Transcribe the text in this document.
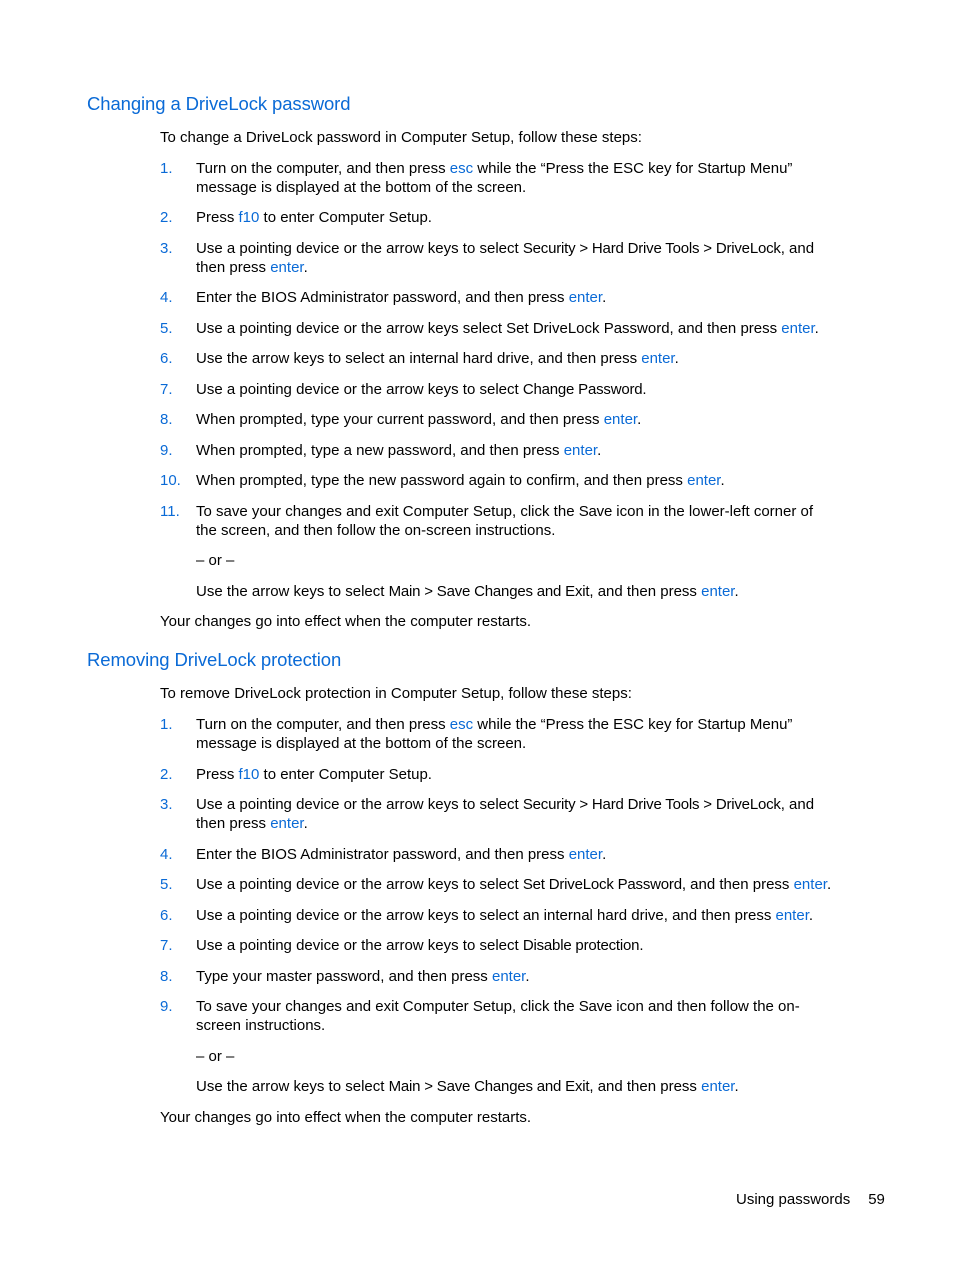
Changing a DriveLock password

To change a DriveLock password in Computer Setup, follow these steps:

1. Turn on the computer, and then press esc while the “Press the ESC key for Startup Menu”
message is displayed at the bottom of the screen.
2. Press f10 to enter Computer Setup.
3. Use a pointing device or the arrow keys to select Security > Hard Drive Tools > DriveLock, and
then press enter.
4. Enter the BIOS Administrator password, and then press enter.
5. Use a pointing device or the arrow keys select Set DriveLock Password, and then press enter.
6. Use the arrow keys to select an internal hard drive, and then press enter.
7. Use a pointing device or the arrow keys to select Change Password.
8. When prompted, type your current password, and then press enter.
9. When prompted, type a new password, and then press enter.
10. When prompted, type the new password again to confirm, and then press enter.
11. To save your changes and exit Computer Setup, click the Save icon in the lower-left corner of
the screen, and then follow the on-screen instructions.
– or –
Use the arrow keys to select Main > Save Changes and Exit, and then press enter.

Your changes go into effect when the computer restarts.

Removing DriveLock protection

To remove DriveLock protection in Computer Setup, follow these steps:

1. Turn on the computer, and then press esc while the “Press the ESC key for Startup Menu”
message is displayed at the bottom of the screen.
2. Press f10 to enter Computer Setup.
3. Use a pointing device or the arrow keys to select Security > Hard Drive Tools > DriveLock, and
then press enter.
4. Enter the BIOS Administrator password, and then press enter.
5. Use a pointing device or the arrow keys to select Set DriveLock Password, and then press enter.
6. Use a pointing device or the arrow keys to select an internal hard drive, and then press enter.
7. Use a pointing device or the arrow keys to select Disable protection.
8. Type your master password, and then press enter.
9. To save your changes and exit Computer Setup, click the Save icon and then follow the on-
screen instructions.
– or –
Use the arrow keys to select Main > Save Changes and Exit, and then press enter.

Your changes go into effect when the computer restarts.

Using passwords 59
